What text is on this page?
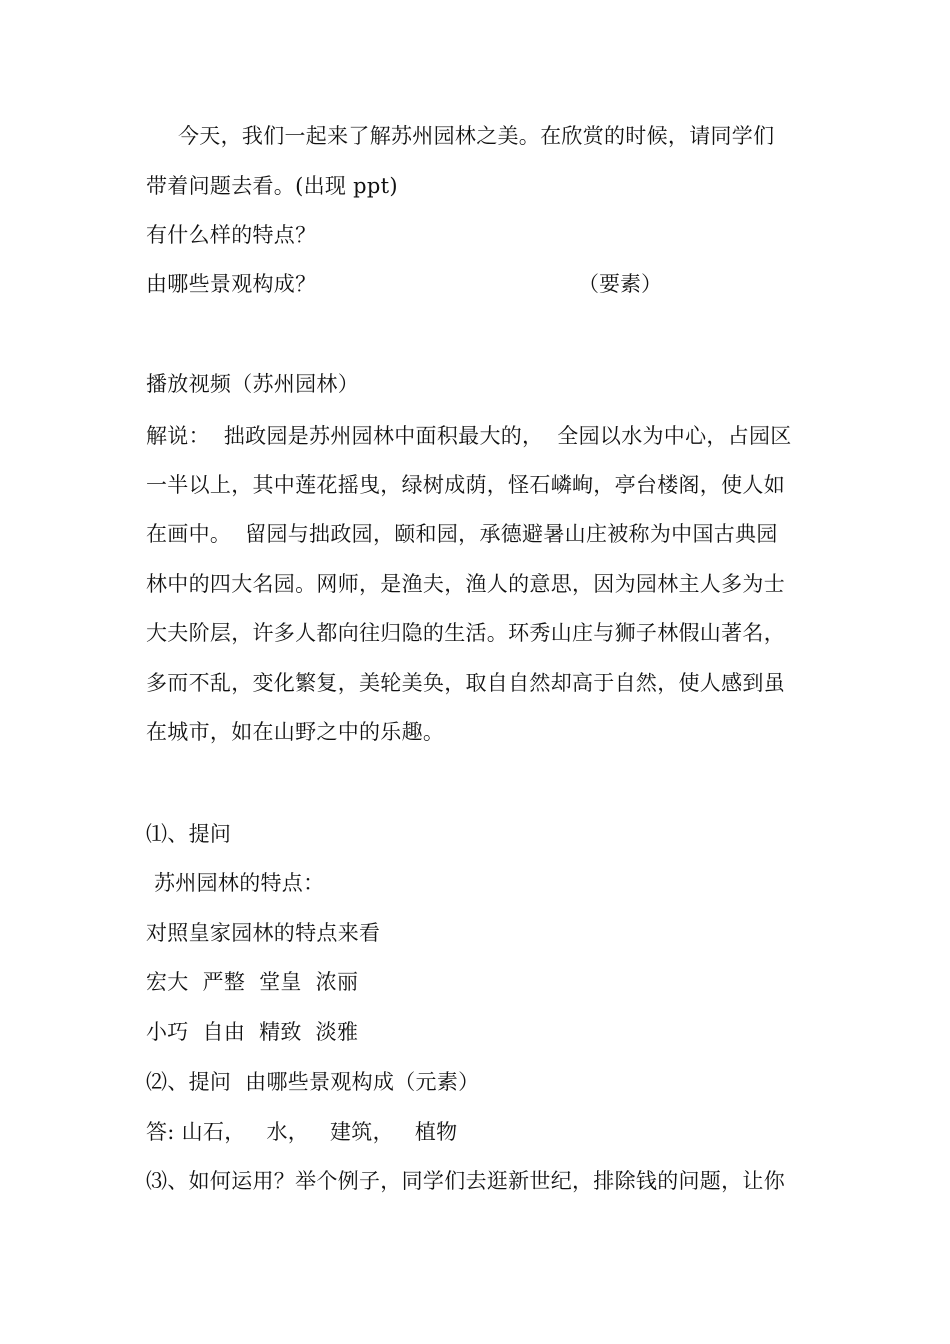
今天，我们一起来了解苏州园林之美。在欣赏的时候，请同学们
带着问题去看。(出现 ppt)
有什么样的特点？
由哪些景观构成？	（要素）
播放视频（苏州园林）
解说：  拙政园是苏州园林中面积最大的，  全园以水为中心，占园区
一半以上，其中莲花摇曳，绿树成荫，怪石嶙峋，亭台楼阁，使人如
在画中。  留园与拙政园，颐和园，承德避暑山庄被称为中国古典园
林中的四大名园。网师，是渔夫，渔人的意思，因为园林主人多为士
大夫阶层，许多人都向往归隐的生活。环秀山庄与狮子林假山著名，
多而不乱，变化繁复，美轮美奂，取自自然却高于自然，使人感到虽
在城市，如在山野之中的乐趣。
⑴、提问
苏州园林的特点：
对照皇家园林的特点来看
宏大  严整  堂皇  浓丽
小巧  自由  精致  淡雅
⑵、提问  由哪些景观构成（元素）
答: 山石，   水，   建筑，   植物
⑶、如何运用？举个例子，同学们去逛新世纪，排除钱的问题，让你
